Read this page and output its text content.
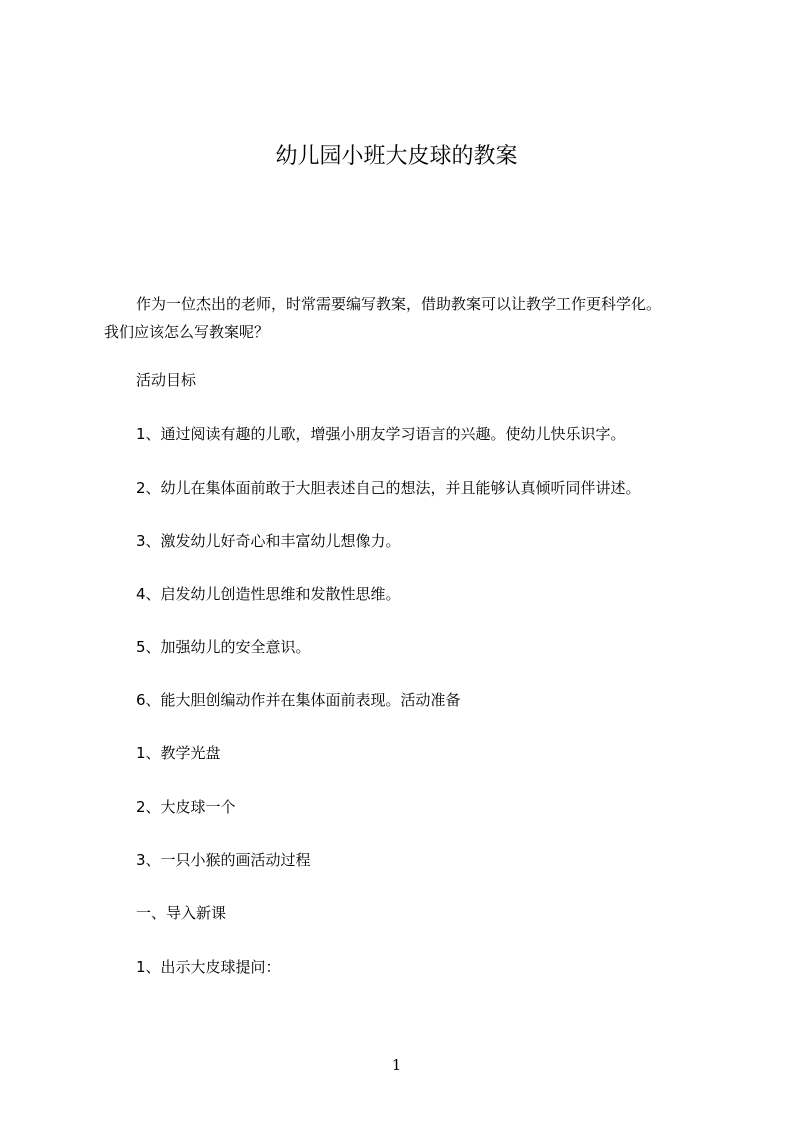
幼儿园小班大皮球的教案
作为一位杰出的老师，时常需要编写教案，借助教案可以让教学工作更科学化。
我们应该怎么写教案呢？
活动目标
1、通过阅读有趣的儿歌，增强小朋友学习语言的兴趣。使幼儿快乐识字。
2、幼儿在集体面前敢于大胆表述自己的想法，并且能够认真倾听同伴讲述。
3、激发幼儿好奇心和丰富幼儿想像力。
4、启发幼儿创造性思维和发散性思维。
5、加强幼儿的安全意识。
6、能大胆创编动作并在集体面前表现。活动准备
1、教学光盘
2、大皮球一个
3、一只小猴的画活动过程
一、导入新课
1、出示大皮球提问：
1
